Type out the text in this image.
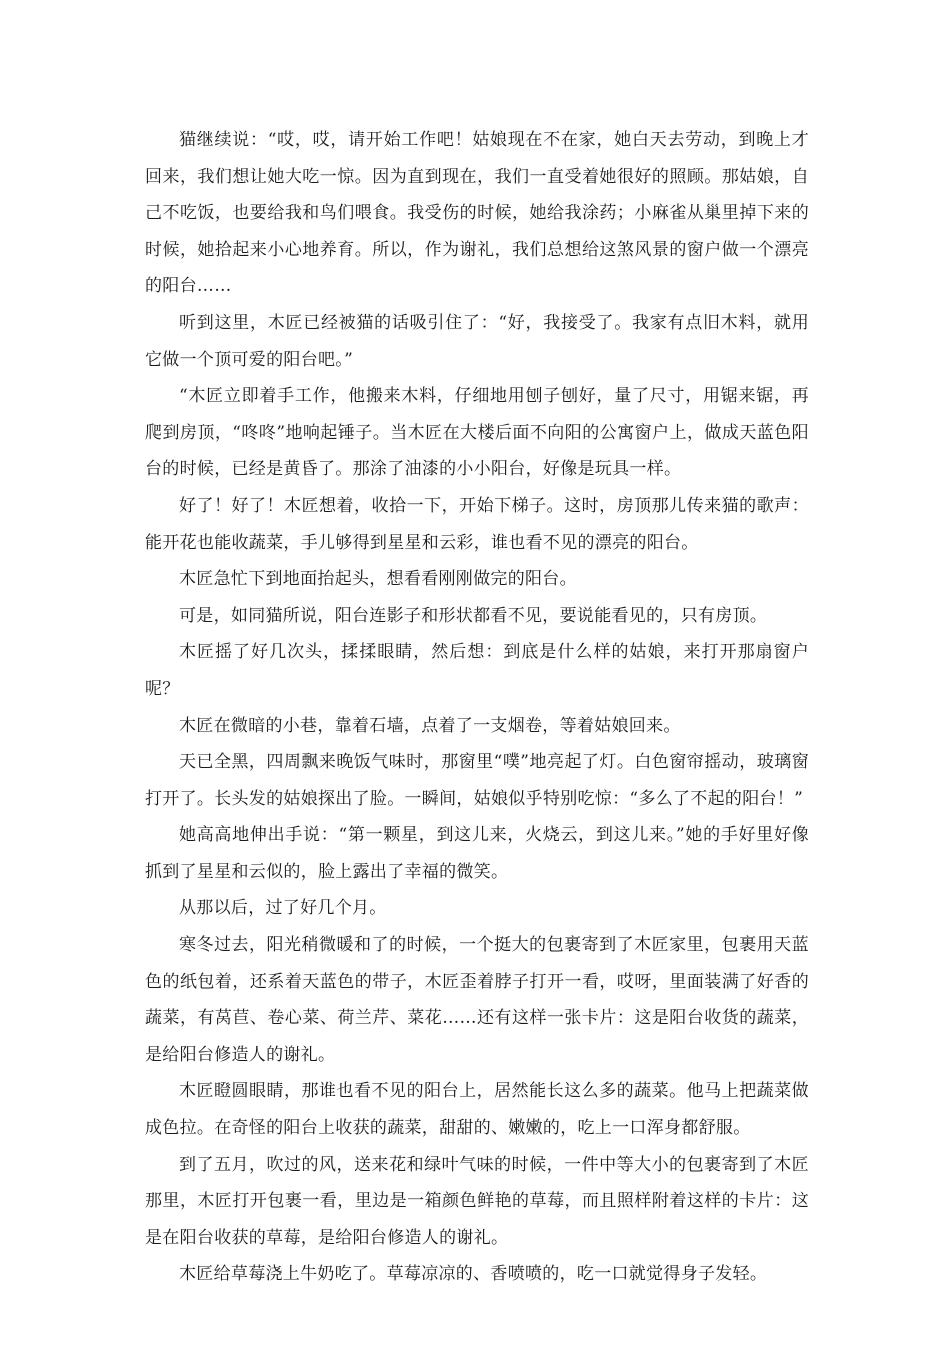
猫继续说：“哎，哎，请开始工作吧！姑娘现在不在家，她白天去劳动，到晚上才回来，我们想让她大吃一惊。因为直到现在，我们一直受着她很好的照顾。那姑娘，自己不吃饭，也要给我和鸟们喂食。我受伤的时候，她给我涂药；小麻雀从巢里掉下来的时候，她拾起来小心地养育。所以，作为谢礼，我们总想给这煞风景的窗户做一个漂亮的阳台……

听到这里，木匠已经被猫的话吸引住了：“好，我接受了。我家有点旧木料，就用它做一个顶可爱的阳台吧。”

“木匠立即着手工作，他搬来木料，仔细地用刨子刨好，量了尺寸，用锯来锯，再爬到房顶，“咚咚”地响起锤子。当木匠在大楼后面不向阳的公寓窗户上，做成天蓝色阳台的时候，已经是黄昏了。那涂了油漆的小小阳台，好像是玩具一样。

好了！好了！木匠想着，收拾一下，开始下梯子。这时，房顶那儿传来猫的歌声：能开花也能收蔬菜，手儿够得到星星和云彩，谁也看不见的漂亮的阳台。

木匠急忙下到地面抬起头，想看看刚刚做完的阳台。

可是，如同猫所说，阳台连影子和形状都看不见，要说能看见的，只有房顶。

木匠摇了好几次头，揉揉眼睛，然后想：到底是什么样的姑娘，来打开那扇窗户呢？

木匠在微暗的小巷，靠着石墙，点着了一支烟卷，等着姑娘回来。

天已全黑，四周飘来晚饭气味时，那窗里“噗”地亮起了灯。白色窗帘摇动，玻璃窗打开了。长头发的姑娘探出了脸。一瞬间，姑娘似乎特别吃惊：“多么了不起的阳台！”

她高高地伸出手说：“第一颗星，到这儿来，火烧云，到这儿来。”她的手好里好像抓到了星星和云似的，脸上露出了幸福的微笑。

从那以后，过了好几个月。

寒冬过去，阳光稍微暖和了的时候，一个挺大的包裹寄到了木匠家里，包裹用天蓝色的纸包着，还系着天蓝色的带子，木匠歪着脖子打开一看，哎呀，里面装满了好香的蔬菜，有莴苣、卷心菜、荷兰芹、菜花……还有这样一张卡片：这是阳台收货的蔬菜，是给阳台修造人的谢礼。

木匠瞪圆眼睛，那谁也看不见的阳台上，居然能长这么多的蔬菜。他马上把蔬菜做成色拉。在奇怪的阳台上收获的蔬菜，甜甜的、嫩嫩的，吃上一口浑身都舒服。

到了五月，吹过的风，送来花和绿叶气味的时候，一件中等大小的包裹寄到了木匠那里，木匠打开包裹一看，里边是一箱颜色鲜艳的草莓，而且照样附着这样的卡片：这是在阳台收获的草莓，是给阳台修造人的谢礼。

木匠给草莓浇上牛奶吃了。草莓凉凉的、香喷喷的，吃一口就觉得身子发轻。
